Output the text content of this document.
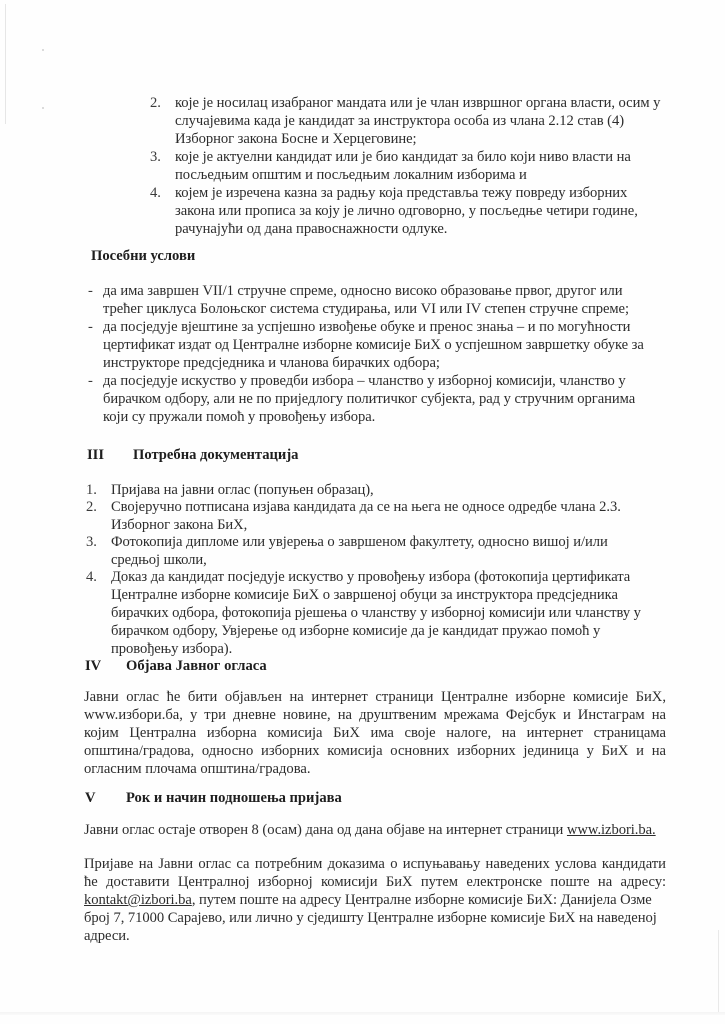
2. које је носилац изабраног мандата или је члан извршног органа власти, осим у
случајевима када је кандидат за инструктора особа из члана 2.12 став (4)
Изборног закона Босне и Херцеговине;
3. које је актуелни кандидат или је био кандидат за било који ниво власти на
посљедњим општим и посљедњим локалним изборима и
4. којем је изречена казна за радњу која представља тежу повреду изборних
закона или прописа за коју је лично одговорно, у посљедње четири године,
рачунајући од дана правоснажности одлуке.
Посебни услови
- да има завршен VII/1 стручне спреме, односно високо образовање првог, другог или
трећег циклуса Болоњског система студирања, или VI или IV степен стручне спреме;
- да посједује вјештине за успјешно извођење обуке и пренос знања – и по могућности
цертификат издат од Централне изборне комисије БиХ о успјешном завршетку обуке за
инструкторе предсједника и чланова бирачких одбора;
- да посједује искуство у проведби избора – чланство у изборној комисији, чланство у
бирачком одбору, али не по приједлогу политичког субјекта, рад у стручним органима
који су пружали помоћ у провођењу избора.
III Потребна документација
1. Пријава на јавни оглас (попуњен образац),
2. Својеручно потписана изјава кандидата да се на њега не односе одредбе члана 2.3.
Изборног закона БиХ,
3. Фотокопија дипломе или увјерења о завршеном факултету, односно вишој и/или
средњој школи,
4. Доказ да кандидат посједује искуство у провођењу избора (фотокопија цертификата
Централне изборне комисије БиХ о завршеној обуци за инструктора предсједника
бирачких одбора, фотокопија рјешења о чланству у изборној комисији или чланству у
бирачком одбору, Увјерење од изборне комисије да је кандидат пружао помоћ у
провођењу избора).
IV Објава Јавног огласа
Јавни оглас ће бити објављен на интернет страници Централне изборне комисије БиХ,
www.избори.ба, у три дневне новине, на друштвеним мрежама Фејсбук и Инстаграм на
којим Централна изборна комисија БиХ има своје налоге, на интернет страницама
општина/градова, односно изборних комисија основних изборних јединица у БиХ и на
огласним плочама општина/градова.
V Рок и начин подношења пријава
Јавни оглас остаје отворен 8 (осам) дана од дана објаве на интернет страници www.izbori.ba.
Пријаве на Јавни оглас са потребним доказима о испуњавању наведених услова кандидати
ће доставити Централној изборној комисији БиХ путем електронске поште на адресу:
kontakt@izbori.ba, путем поште на адресу Централне изборне комисије БиХ: Данијела Озме
број 7, 71000 Сарајево, или лично у сједишту Централне изборне комисије БиХ на наведеној
адреси.
